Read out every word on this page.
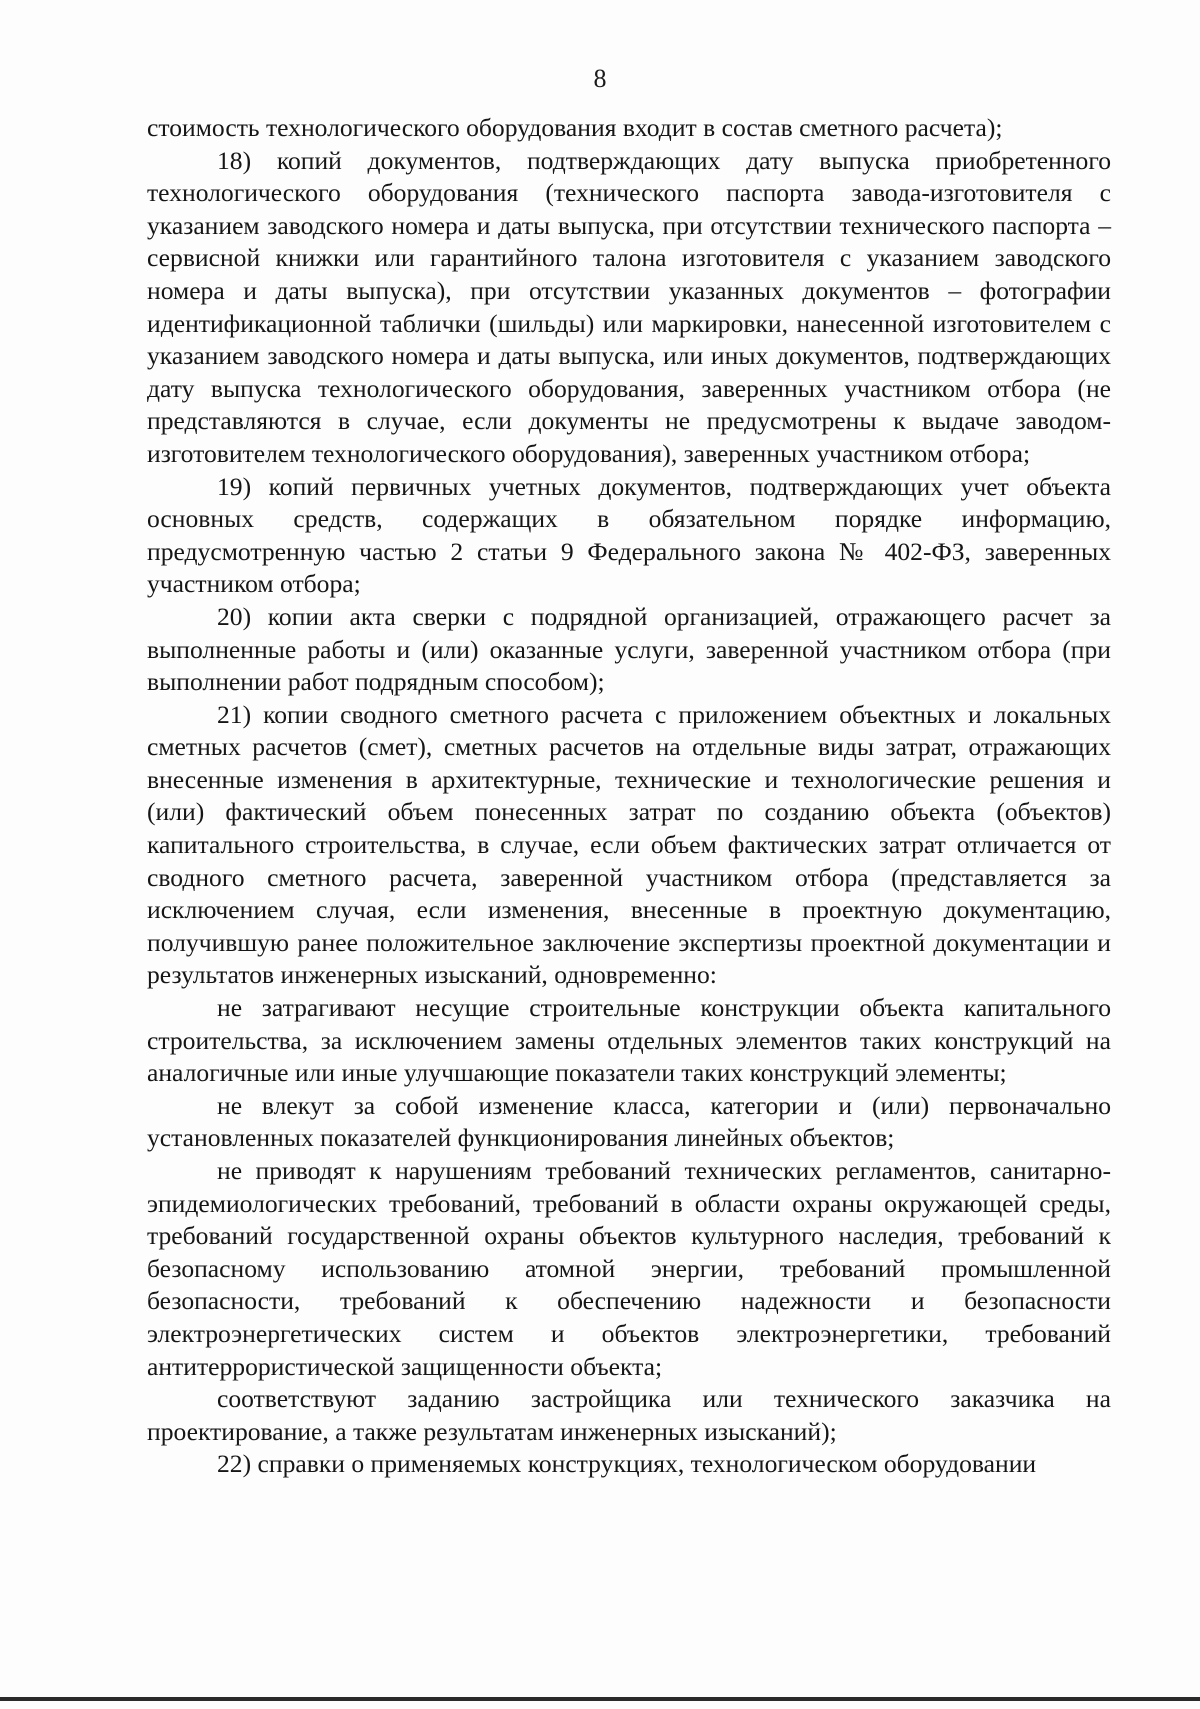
8

стоимость технологического оборудования входит в состав сметного расчета);

18) копий документов, подтверждающих дату выпуска приобретенного технологического оборудования (технического паспорта завода-изготовителя с указанием заводского номера и даты выпуска, при отсутствии технического паспорта – сервисной книжки или гарантийного талона изготовителя с указанием заводского номера и даты выпуска), при отсутствии указанных документов – фотографии идентификационной таблички (шильды) или маркировки, нанесенной изготовителем с указанием заводского номера и даты выпуска, или иных документов, подтверждающих дату выпуска технологического оборудования, заверенных участником отбора (не представляются в случае, если документы не предусмотрены к выдаче заводом-изготовителем технологического оборудования), заверенных участником отбора;

19) копий первичных учетных документов, подтверждающих учет объекта основных средств, содержащих в обязательном порядке информацию, предусмотренную частью 2 статьи 9 Федерального закона № 402-ФЗ, заверенных участником отбора;

20) копии акта сверки с подрядной организацией, отражающего расчет за выполненные работы и (или) оказанные услуги, заверенной участником отбора (при выполнении работ подрядным способом);

21) копии сводного сметного расчета с приложением объектных и локальных сметных расчетов (смет), сметных расчетов на отдельные виды затрат, отражающих внесенные изменения в архитектурные, технические и технологические решения и (или) фактический объем понесенных затрат по созданию объекта (объектов) капитального строительства, в случае, если объем фактических затрат отличается от сводного сметного расчета, заверенной участником отбора (представляется за исключением случая, если изменения, внесенные в проектную документацию, получившую ранее положительное заключение экспертизы проектной документации и результатов инженерных изысканий, одновременно:

не затрагивают несущие строительные конструкции объекта капитального строительства, за исключением замены отдельных элементов таких конструкций на аналогичные или иные улучшающие показатели таких конструкций элементы;

не влекут за собой изменение класса, категории и (или) первоначально установленных показателей функционирования линейных объектов;

не приводят к нарушениям требований технических регламентов, санитарно-эпидемиологических требований, требований в области охраны окружающей среды, требований государственной охраны объектов культурного наследия, требований к безопасному использованию атомной энергии, требований промышленной безопасности, требований к обеспечению надежности и безопасности электроэнергетических систем и объектов электроэнергетики, требований антитеррористической защищенности объекта;

соответствуют заданию застройщика или технического заказчика на проектирование, а также результатам инженерных изысканий);

22) справки о применяемых конструкциях, технологическом оборудовании
